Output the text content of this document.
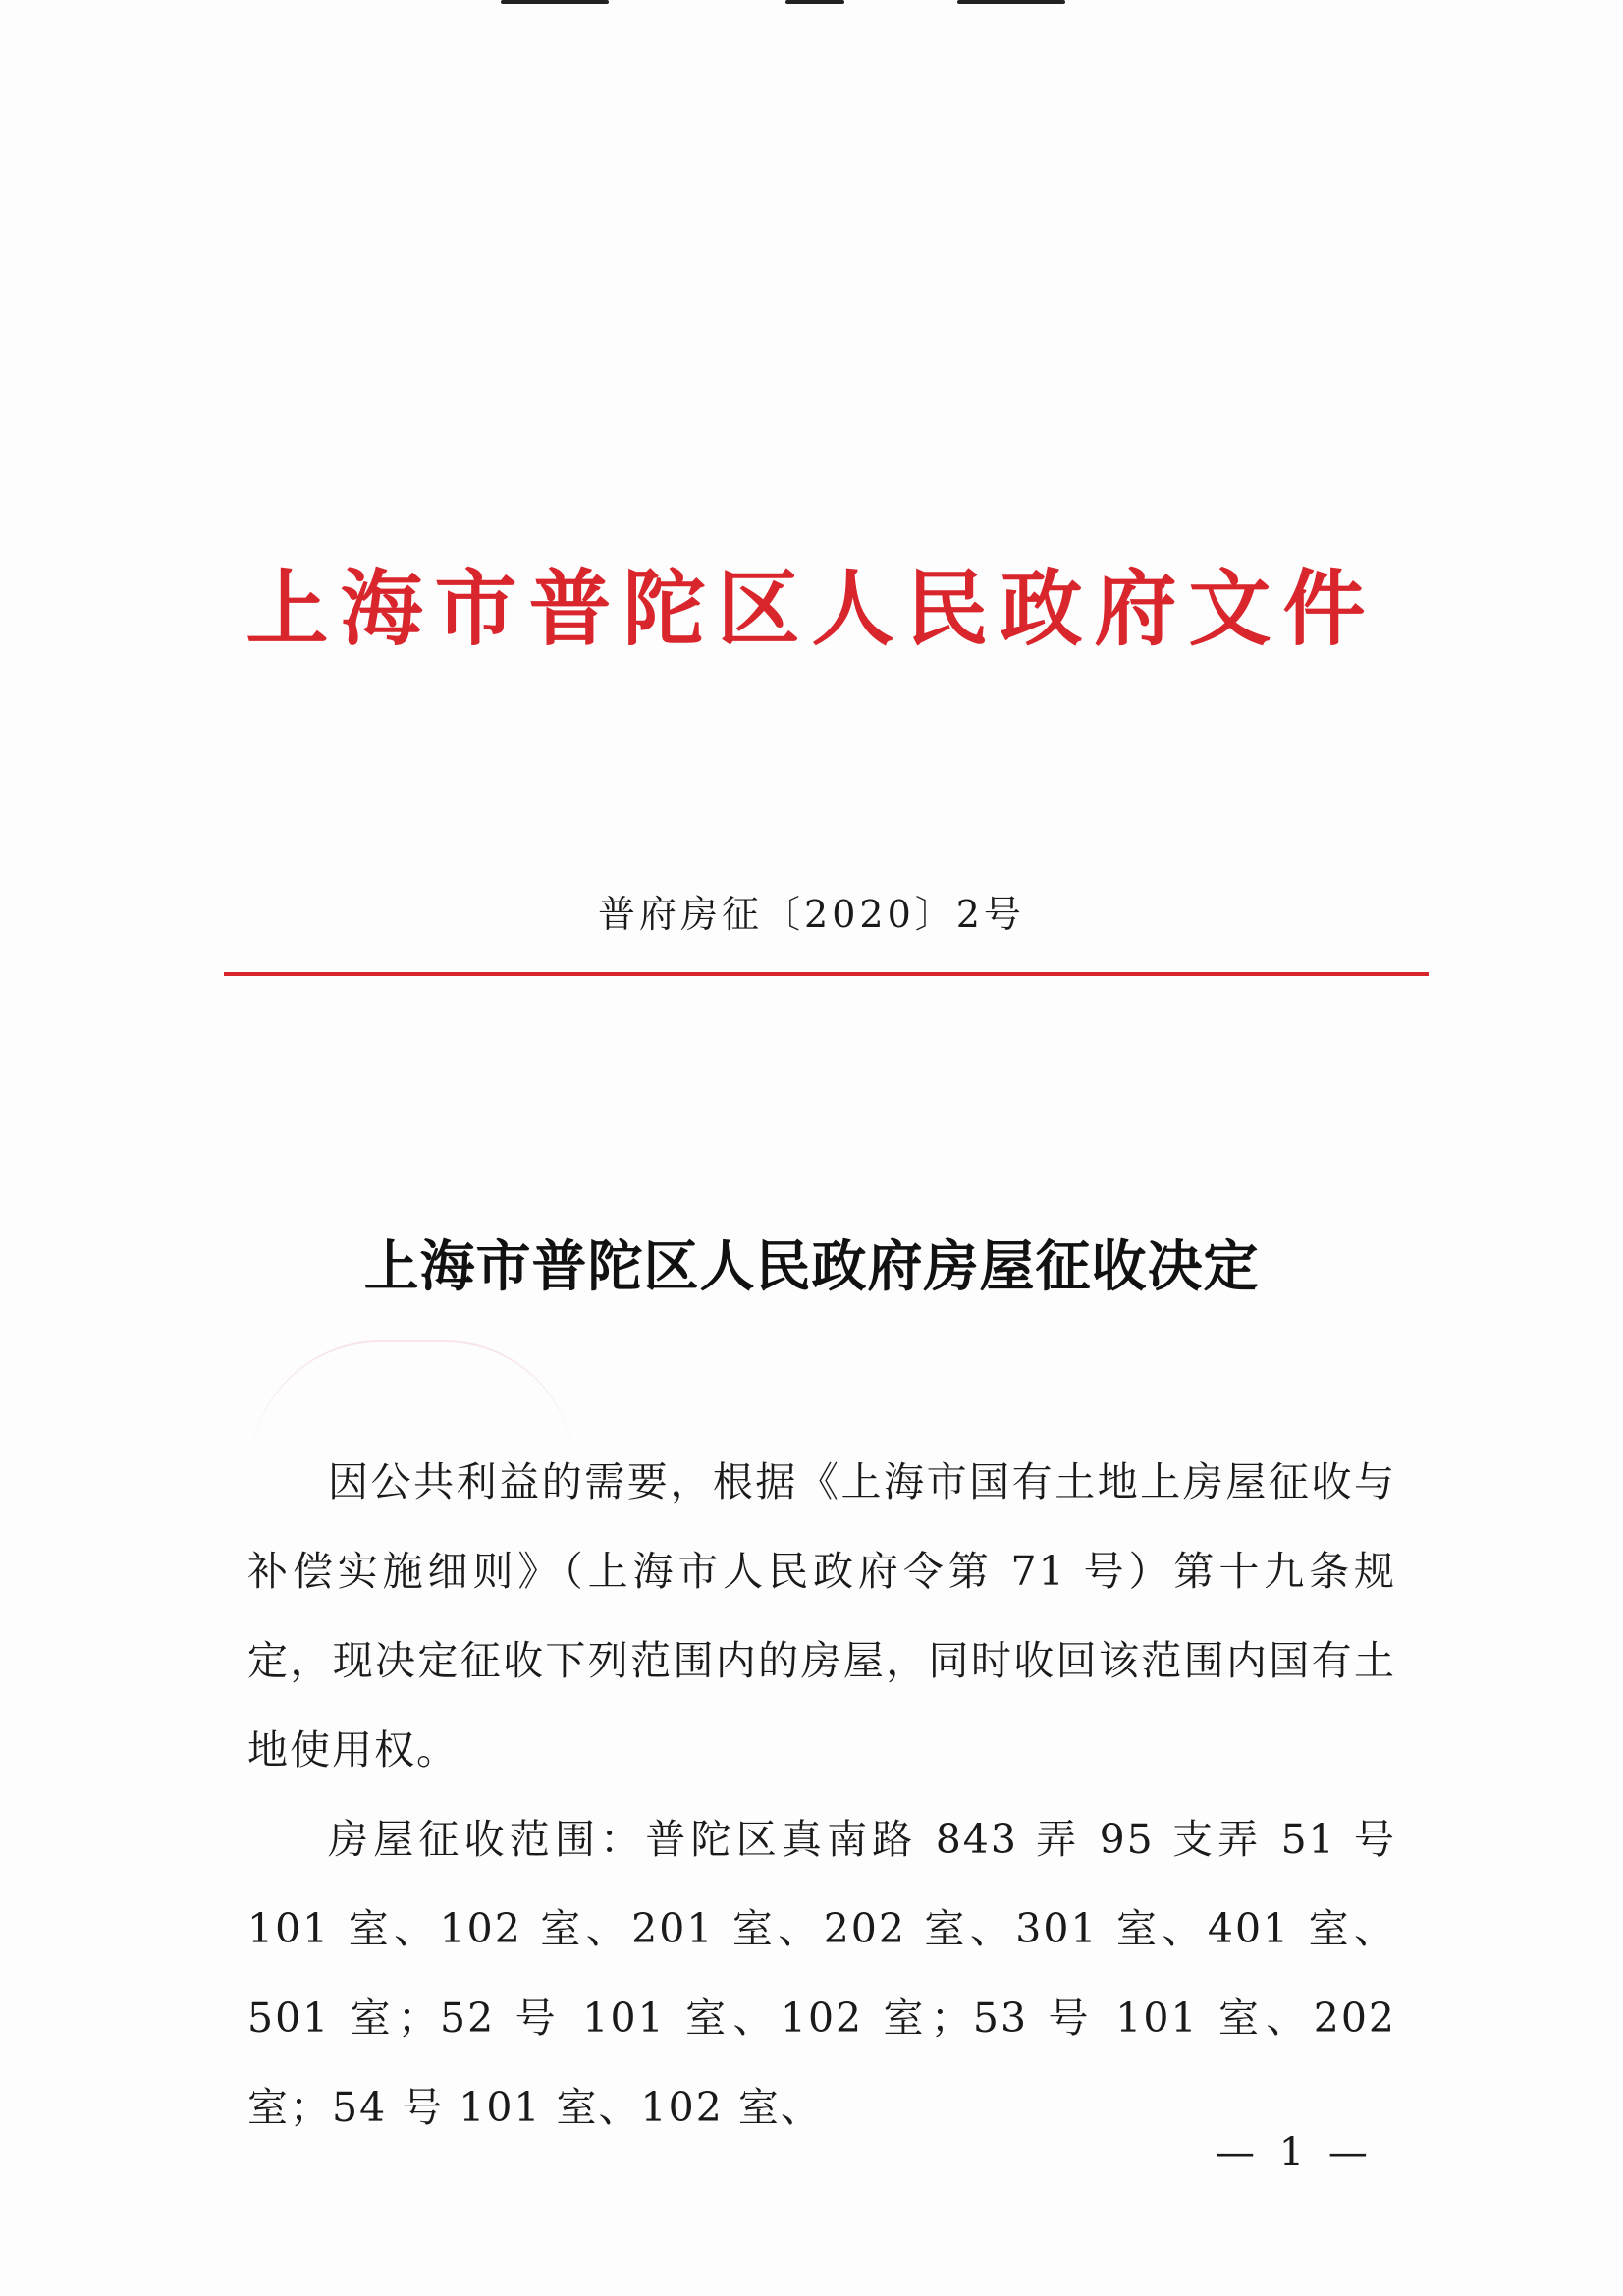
上海市普陀区人民政府文件
普府房征〔2020〕2号
上海市普陀区人民政府房屋征收决定

因公共利益的需要，根据《上海市国有土地上房屋征收与补偿实施细则》（上海市人民政府令第 71 号）第十九条规定，现决定征收下列范围内的房屋，同时收回该范围内国有土地使用权。

房屋征收范围：普陀区真南路 843 弄 95 支弄 51 号 101 室、102 室、201 室、202 室、301 室、401 室、501 室；52 号 101 室、102 室；53 号 101 室、202 室；54 号 101 室、102 室、

— 1 —
